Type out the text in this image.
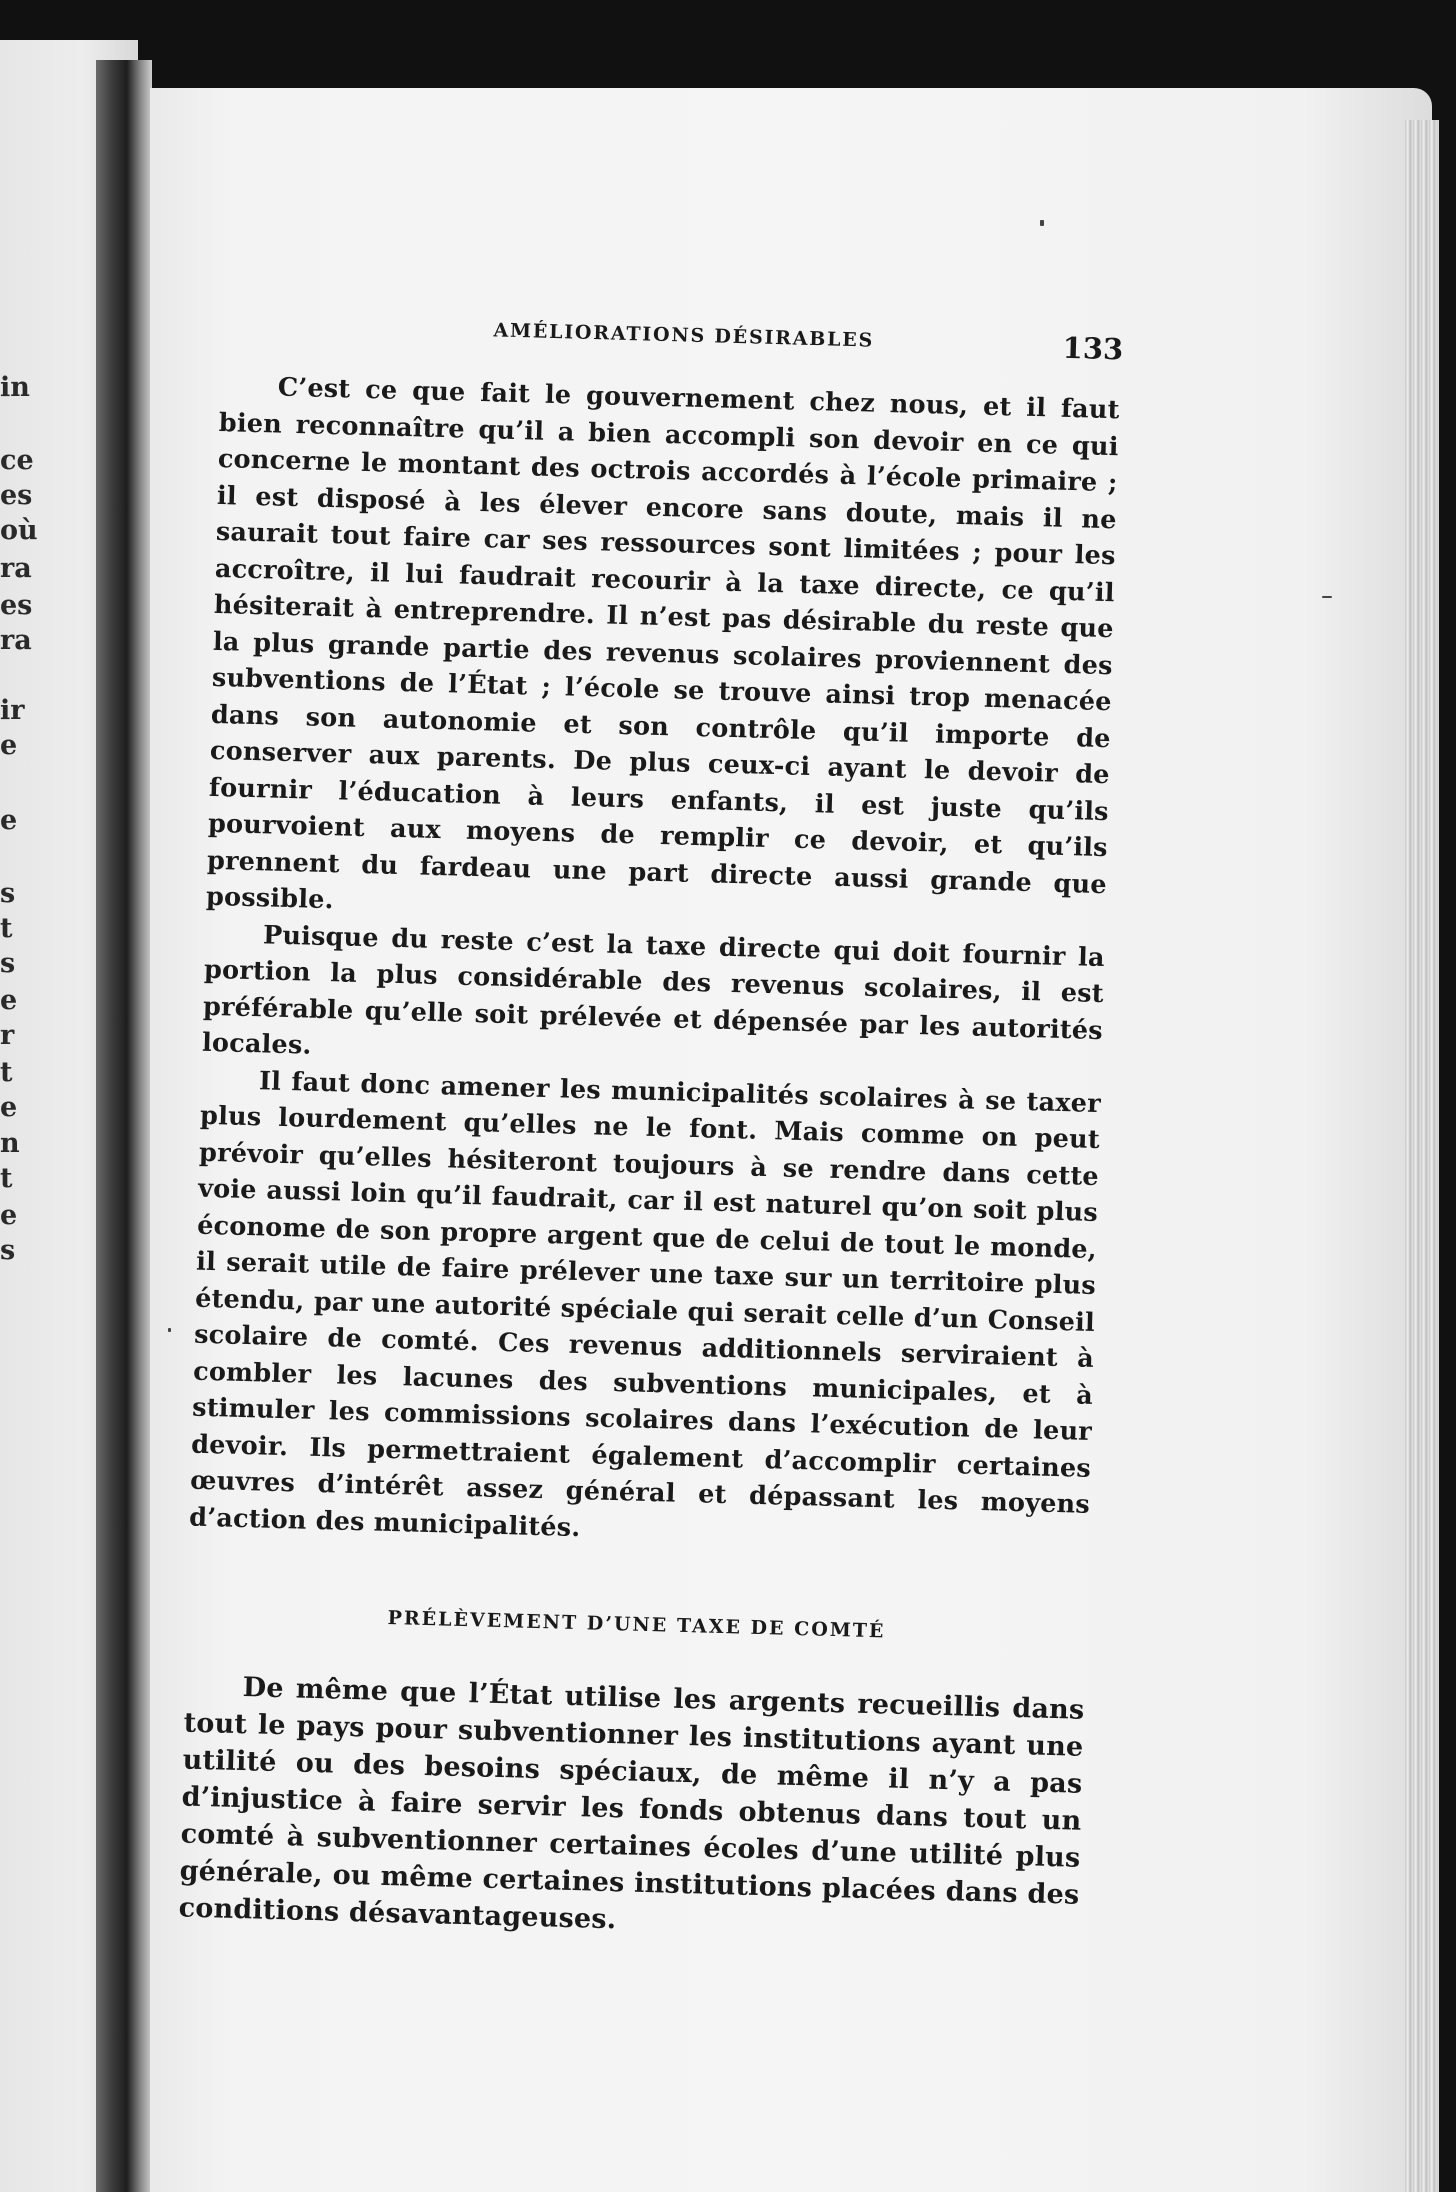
in
ce
es
où
ra
es
ra
ir
e
e
s
t
s
e
r
t
e
n
t
e
s
AMÉLIORATIONS DÉSIRABLES	133

C’est ce que fait le gouvernement chez nous, et il faut bien reconnaître qu’il a bien accompli son devoir en ce qui concerne le montant des octrois accordés à l’école primaire ; il est disposé à les élever encore sans doute, mais il ne saurait tout faire car ses ressources sont limitées ; pour les accroître, il lui faudrait recourir à la taxe directe, ce qu’il hésiterait à entreprendre. Il n’est pas désirable du reste que la plus grande partie des revenus scolaires proviennent des subventions de l’État ; l’école se trouve ainsi trop menacée dans son autonomie et son contrôle qu’il importe de conserver aux parents. De plus ceux-ci ayant le devoir de fournir l’éducation à leurs enfants, il est juste qu’ils pourvoient aux moyens de remplir ce devoir, et qu’ils prennent du fardeau une part directe aussi grande que possible.

Puisque du reste c’est la taxe directe qui doit fournir la portion la plus considérable des revenus scolaires, il est préférable qu’elle soit prélevée et dépensée par les autorités locales.

Il faut donc amener les municipalités scolaires à se taxer plus lourdement qu’elles ne le font. Mais comme on peut prévoir qu’elles hésiteront toujours à se rendre dans cette voie aussi loin qu’il faudrait, car il est naturel qu’on soit plus économe de son propre argent que de celui de tout le monde, il serait utile de faire prélever une taxe sur un territoire plus étendu, par une autorité spéciale qui serait celle d’un Conseil scolaire de comté. Ces revenus additionnels serviraient à combler les lacunes des subventions municipales, et à stimuler les commissions scolaires dans l’exécution de leur devoir. Ils permettraient également d’accomplir certaines œuvres d’intérêt assez général et dépassant les moyens d’action des municipalités.

PRÉLÈVEMENT D’UNE TAXE DE COMTÉ

De même que l’État utilise les argents recueillis dans tout le pays pour subventionner les institutions ayant une utilité ou des besoins spéciaux, de même il n’y a pas d’injustice à faire servir les fonds obtenus dans tout un comté à subventionner certaines écoles d’une utilité plus générale, ou même certaines institutions placées dans des conditions désavantageuses.
